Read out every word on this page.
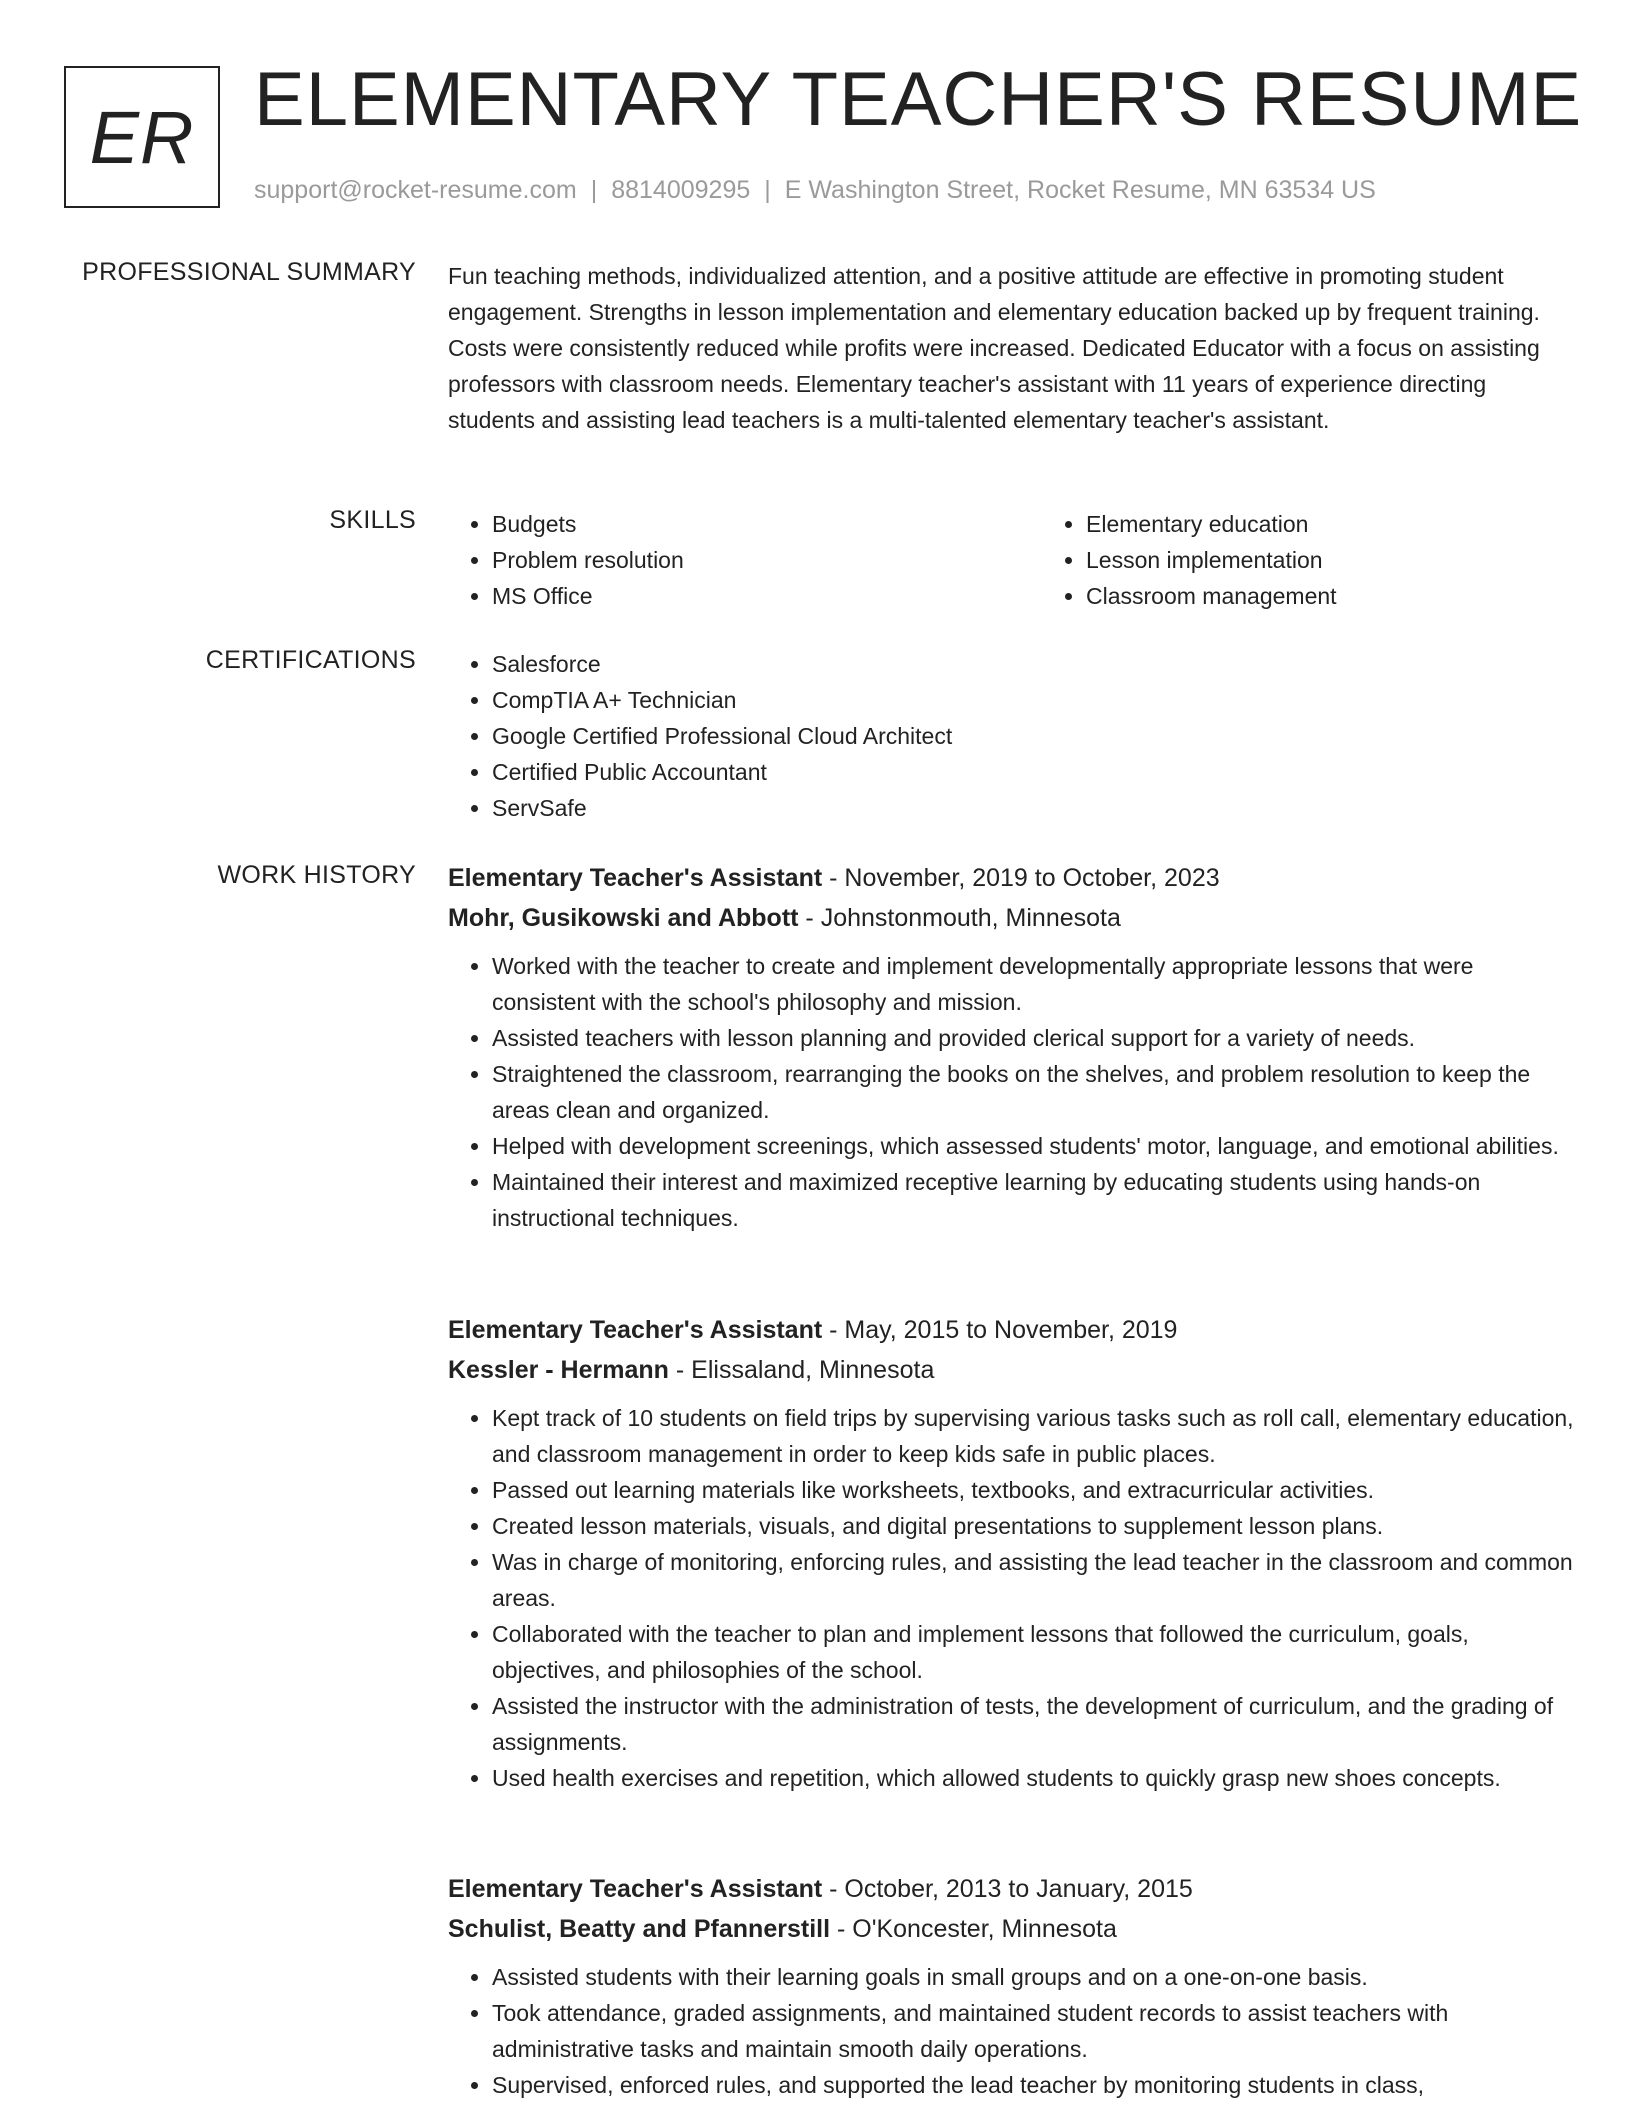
ER ELEMENTARY TEACHER'S RESUME
support@rocket-resume.com | 8814009295 | E Washington Street, Rocket Resume, MN 63534 US
PROFESSIONAL SUMMARY Fun teaching methods, individualized attention, and a positive attitude are effective in promoting student engagement. Strengths in lesson implementation and elementary education backed up by frequent training. Costs were consistently reduced while profits were increased. Dedicated Educator with a focus on assisting professors with classroom needs. Elementary teacher's assistant with 11 years of experience directing students and assisting lead teachers is a multi-talented elementary teacher's assistant.

SKILLS	• Budgets
• Problem resolution
• MS Office
• Elementary education
• Lesson implementation
• Classroom management
CERTIFICATIONS	• Salesforce
• CompTIA A+ Technician
• Google Certified Professional Cloud Architect
• Certified Public Accountant
• ServSafe
WORK HISTORY Elementary Teacher's Assistant - November, 2019 to October, 2023
Mohr, Gusikowski and Abbott - Johnstonmouth, Minnesota
• Worked with the teacher to create and implement developmentally appropriate lessons that were consistent with the school's philosophy and mission.
• Assisted teachers with lesson planning and provided clerical support for a variety of needs.
• Straightened the classroom, rearranging the books on the shelves, and problem resolution to keep the areas clean and organized.
• Helped with development screenings, which assessed students' motor, language, and emotional abilities.
• Maintained their interest and maximized receptive learning by educating students using hands-on instructional techniques.
Elementary Teacher's Assistant - May, 2015 to November, 2019
Kessler - Hermann - Elissaland, Minnesota
• Kept track of 10 students on field trips by supervising various tasks such as roll call, elementary education, and classroom management in order to keep kids safe in public places.
• Passed out learning materials like worksheets, textbooks, and extracurricular activities.
• Created lesson materials, visuals, and digital presentations to supplement lesson plans.
• Was in charge of monitoring, enforcing rules, and assisting the lead teacher in the classroom and common areas.
• Collaborated with the teacher to plan and implement lessons that followed the curriculum, goals, objectives, and philosophies of the school.
• Assisted the instructor with the administration of tests, the development of curriculum, and the grading of assignments.
• Used health exercises and repetition, which allowed students to quickly grasp new shoes concepts.
Elementary Teacher's Assistant - October, 2013 to January, 2015
Schulist, Beatty and Pfannerstill - O'Koncester, Minnesota
• Assisted students with their learning goals in small groups and on a one-on-one basis.
• Took attendance, graded assignments, and maintained student records to assist teachers with administrative tasks and maintain smooth daily operations.
• Supervised, enforced rules, and supported the lead teacher by monitoring students in class,
